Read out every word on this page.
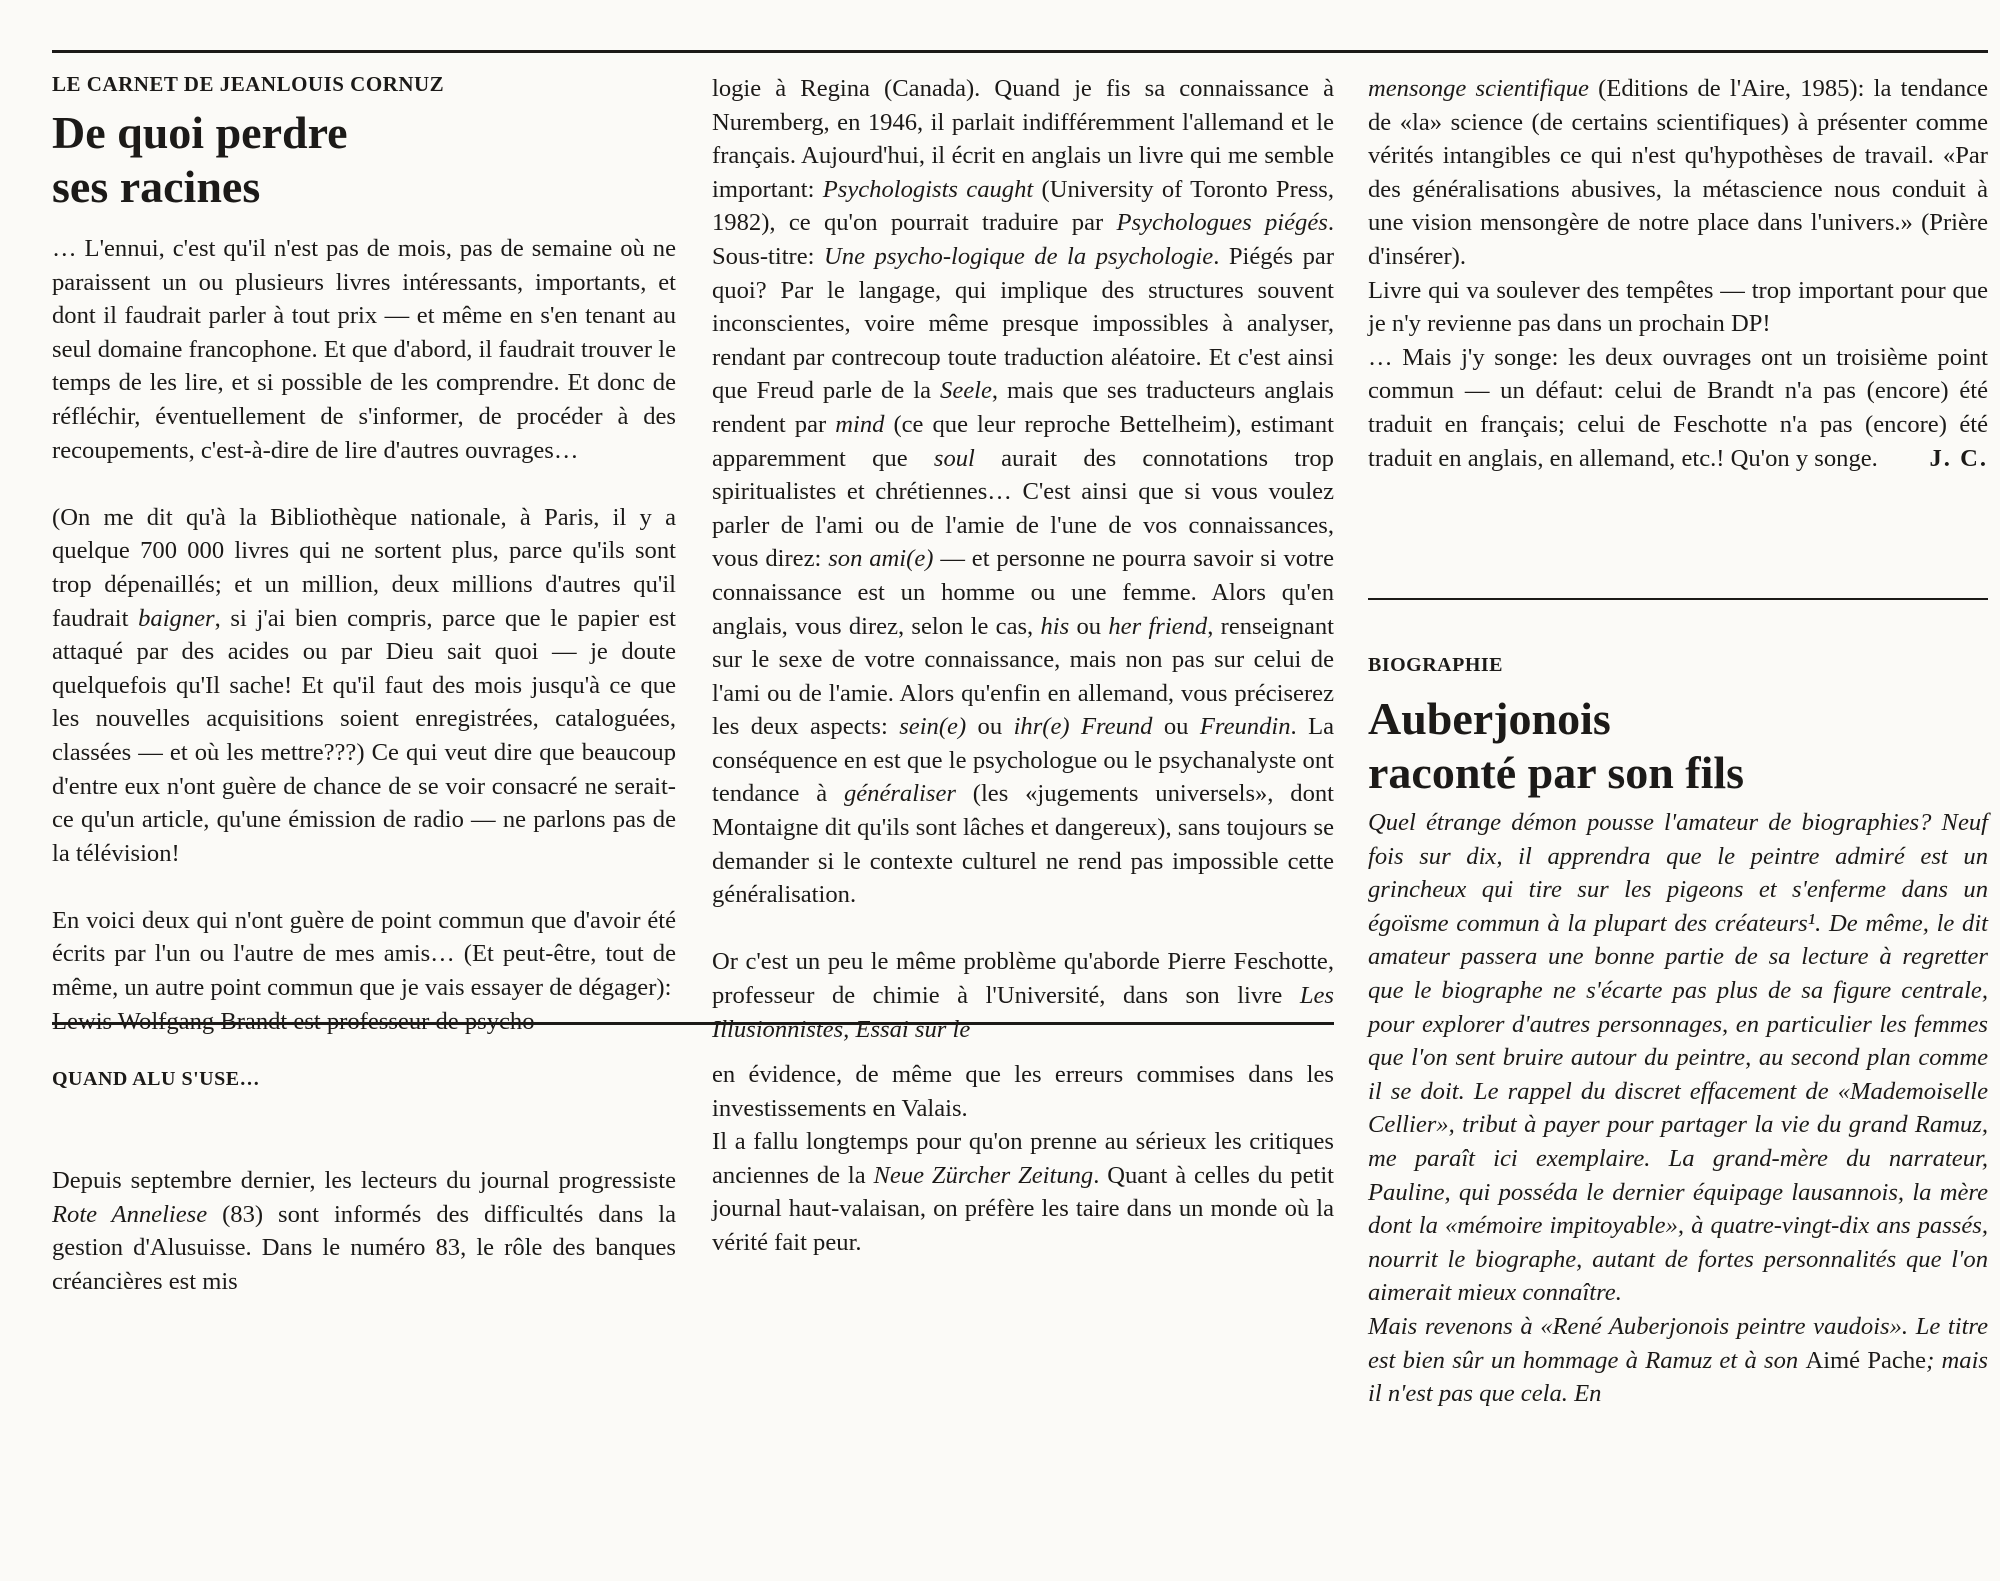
LE CARNET DE JEANLOUIS CORNUZ
De quoi perdre
ses racines

… L'ennui, c'est qu'il n'est pas de mois, pas de semaine où ne paraissent un ou plusieurs livres intéressants, importants, et dont il faudrait parler à tout prix — et même en s'en tenant au seul domaine francophone. Et que d'abord, il faudrait trouver le temps de les lire, et si possible de les comprendre. Et donc de réfléchir, éventuellement de s'informer, de procéder à des recoupements, c'est-à-dire de lire d'autres ouvrages…

(On me dit qu'à la Bibliothèque nationale, à Paris, il y a quelque 700 000 livres qui ne sortent plus, parce qu'ils sont trop dépenaillés; et un million, deux millions d'autres qu'il faudrait baigner, si j'ai bien compris, parce que le papier est attaqué par des acides ou par Dieu sait quoi — je doute quelquefois qu'Il sache! Et qu'il faut des mois jusqu'à ce que les nouvelles acquisitions soient enregistrées, cataloguées, classées — et où les mettre???) Ce qui veut dire que beaucoup d'entre eux n'ont guère de chance de se voir consacré ne serait-ce qu'un article, qu'une émission de radio — ne parlons pas de la télévision!

En voici deux qui n'ont guère de point commun que d'avoir été écrits par l'un ou l'autre de mes amis… (Et peut-être, tout de même, un autre point commun que je vais essayer de dégager):

Lewis Wolfgang Brandt est professeur de psycho-

logie à Regina (Canada). Quand je fis sa connaissance à Nuremberg, en 1946, il parlait indifféremment l'allemand et le français. Aujourd'hui, il écrit en anglais un livre qui me semble important: Psychologists caught (University of Toronto Press, 1982), ce qu'on pourrait traduire par Psychologues piégés. Sous-titre: Une psycho-logique de la psychologie. Piégés par quoi? Par le langage, qui implique des structures souvent inconscientes, voire même presque impossibles à analyser, rendant par contrecoup toute traduction aléatoire. Et c'est ainsi que Freud parle de la Seele, mais que ses traducteurs anglais rendent par mind (ce que leur reproche Bettelheim), estimant apparemment que soul aurait des connotations trop spiritualistes et chrétiennes… C'est ainsi que si vous voulez parler de l'ami ou de l'amie de l'une de vos connaissances, vous direz: son ami(e) — et personne ne pourra savoir si votre connaissance est un homme ou une femme. Alors qu'en anglais, vous direz, selon le cas, his ou her friend, renseignant sur le sexe de votre connaissance, mais non pas sur celui de l'ami ou de l'amie. Alors qu'enfin en allemand, vous préciserez les deux aspects: sein(e) ou ihr(e) Freund ou Freundin. La conséquence en est que le psychologue ou le psychanalyste ont tendance à généraliser (les «jugements universels», dont Montaigne dit qu'ils sont lâches et dangereux), sans toujours se demander si le contexte culturel ne rend pas impossible cette généralisation.

Or c'est un peu le même problème qu'aborde Pierre Feschotte, professeur de chimie à l'Université, dans son livre Les Illusionnistes, Essai sur le

mensonge scientifique (Editions de l'Aire, 1985): la tendance de «la» science (de certains scientifiques) à présenter comme vérités intangibles ce qui n'est qu'hypothèses de travail. «Par des généralisations abusives, la métascience nous conduit à une vision mensongère de notre place dans l'univers.» (Prière d'insérer).

Livre qui va soulever des tempêtes — trop important pour que je n'y revienne pas dans un prochain DP!

… Mais j'y songe: les deux ouvrages ont un troisième point commun — un défaut: celui de Brandt n'a pas (encore) été traduit en français; celui de Feschotte n'a pas (encore) été traduit en anglais, en allemand, etc.! Qu'on y songe. J. C.

BIOGRAPHIE
Auberjonois
raconté par son fils

Quel étrange démon pousse l'amateur de biographies? Neuf fois sur dix, il apprendra que le peintre admiré est un grincheux qui tire sur les pigeons et s'enferme dans un égoïsme commun à la plupart des créateurs¹. De même, le dit amateur passera une bonne partie de sa lecture à regretter que le biographe ne s'écarte pas plus de sa figure centrale, pour explorer d'autres personnages, en particulier les femmes que l'on sent bruire autour du peintre, au second plan comme il se doit. Le rappel du discret effacement de «Mademoiselle Cellier», tribut à payer pour partager la vie du grand Ramuz, me paraît ici exemplaire. La grand-mère du narrateur, Pauline, qui posséda le dernier équipage lausannois, la mère dont la «mémoire impitoyable», à quatre-vingt-dix ans passés, nourrit le biographe, autant de fortes personnalités que l'on aimerait mieux connaître.

Mais revenons à «René Auberjonois peintre vaudois». Le titre est bien sûr un hommage à Ramuz et à son Aimé Pache; mais il n'est pas que cela. En

QUAND ALU S'USE…

Depuis septembre dernier, les lecteurs du journal progressiste Rote Anneliese (83) sont informés des difficultés dans la gestion d'Alusuisse. Dans le numéro 83, le rôle des banques créancières est mis

en évidence, de même que les erreurs commises dans les investissements en Valais.

Il a fallu longtemps pour qu'on prenne au sérieux les critiques anciennes de la Neue Zürcher Zeitung. Quant à celles du petit journal haut-valaisan, on préfère les taire dans un monde où la vérité fait peur.
